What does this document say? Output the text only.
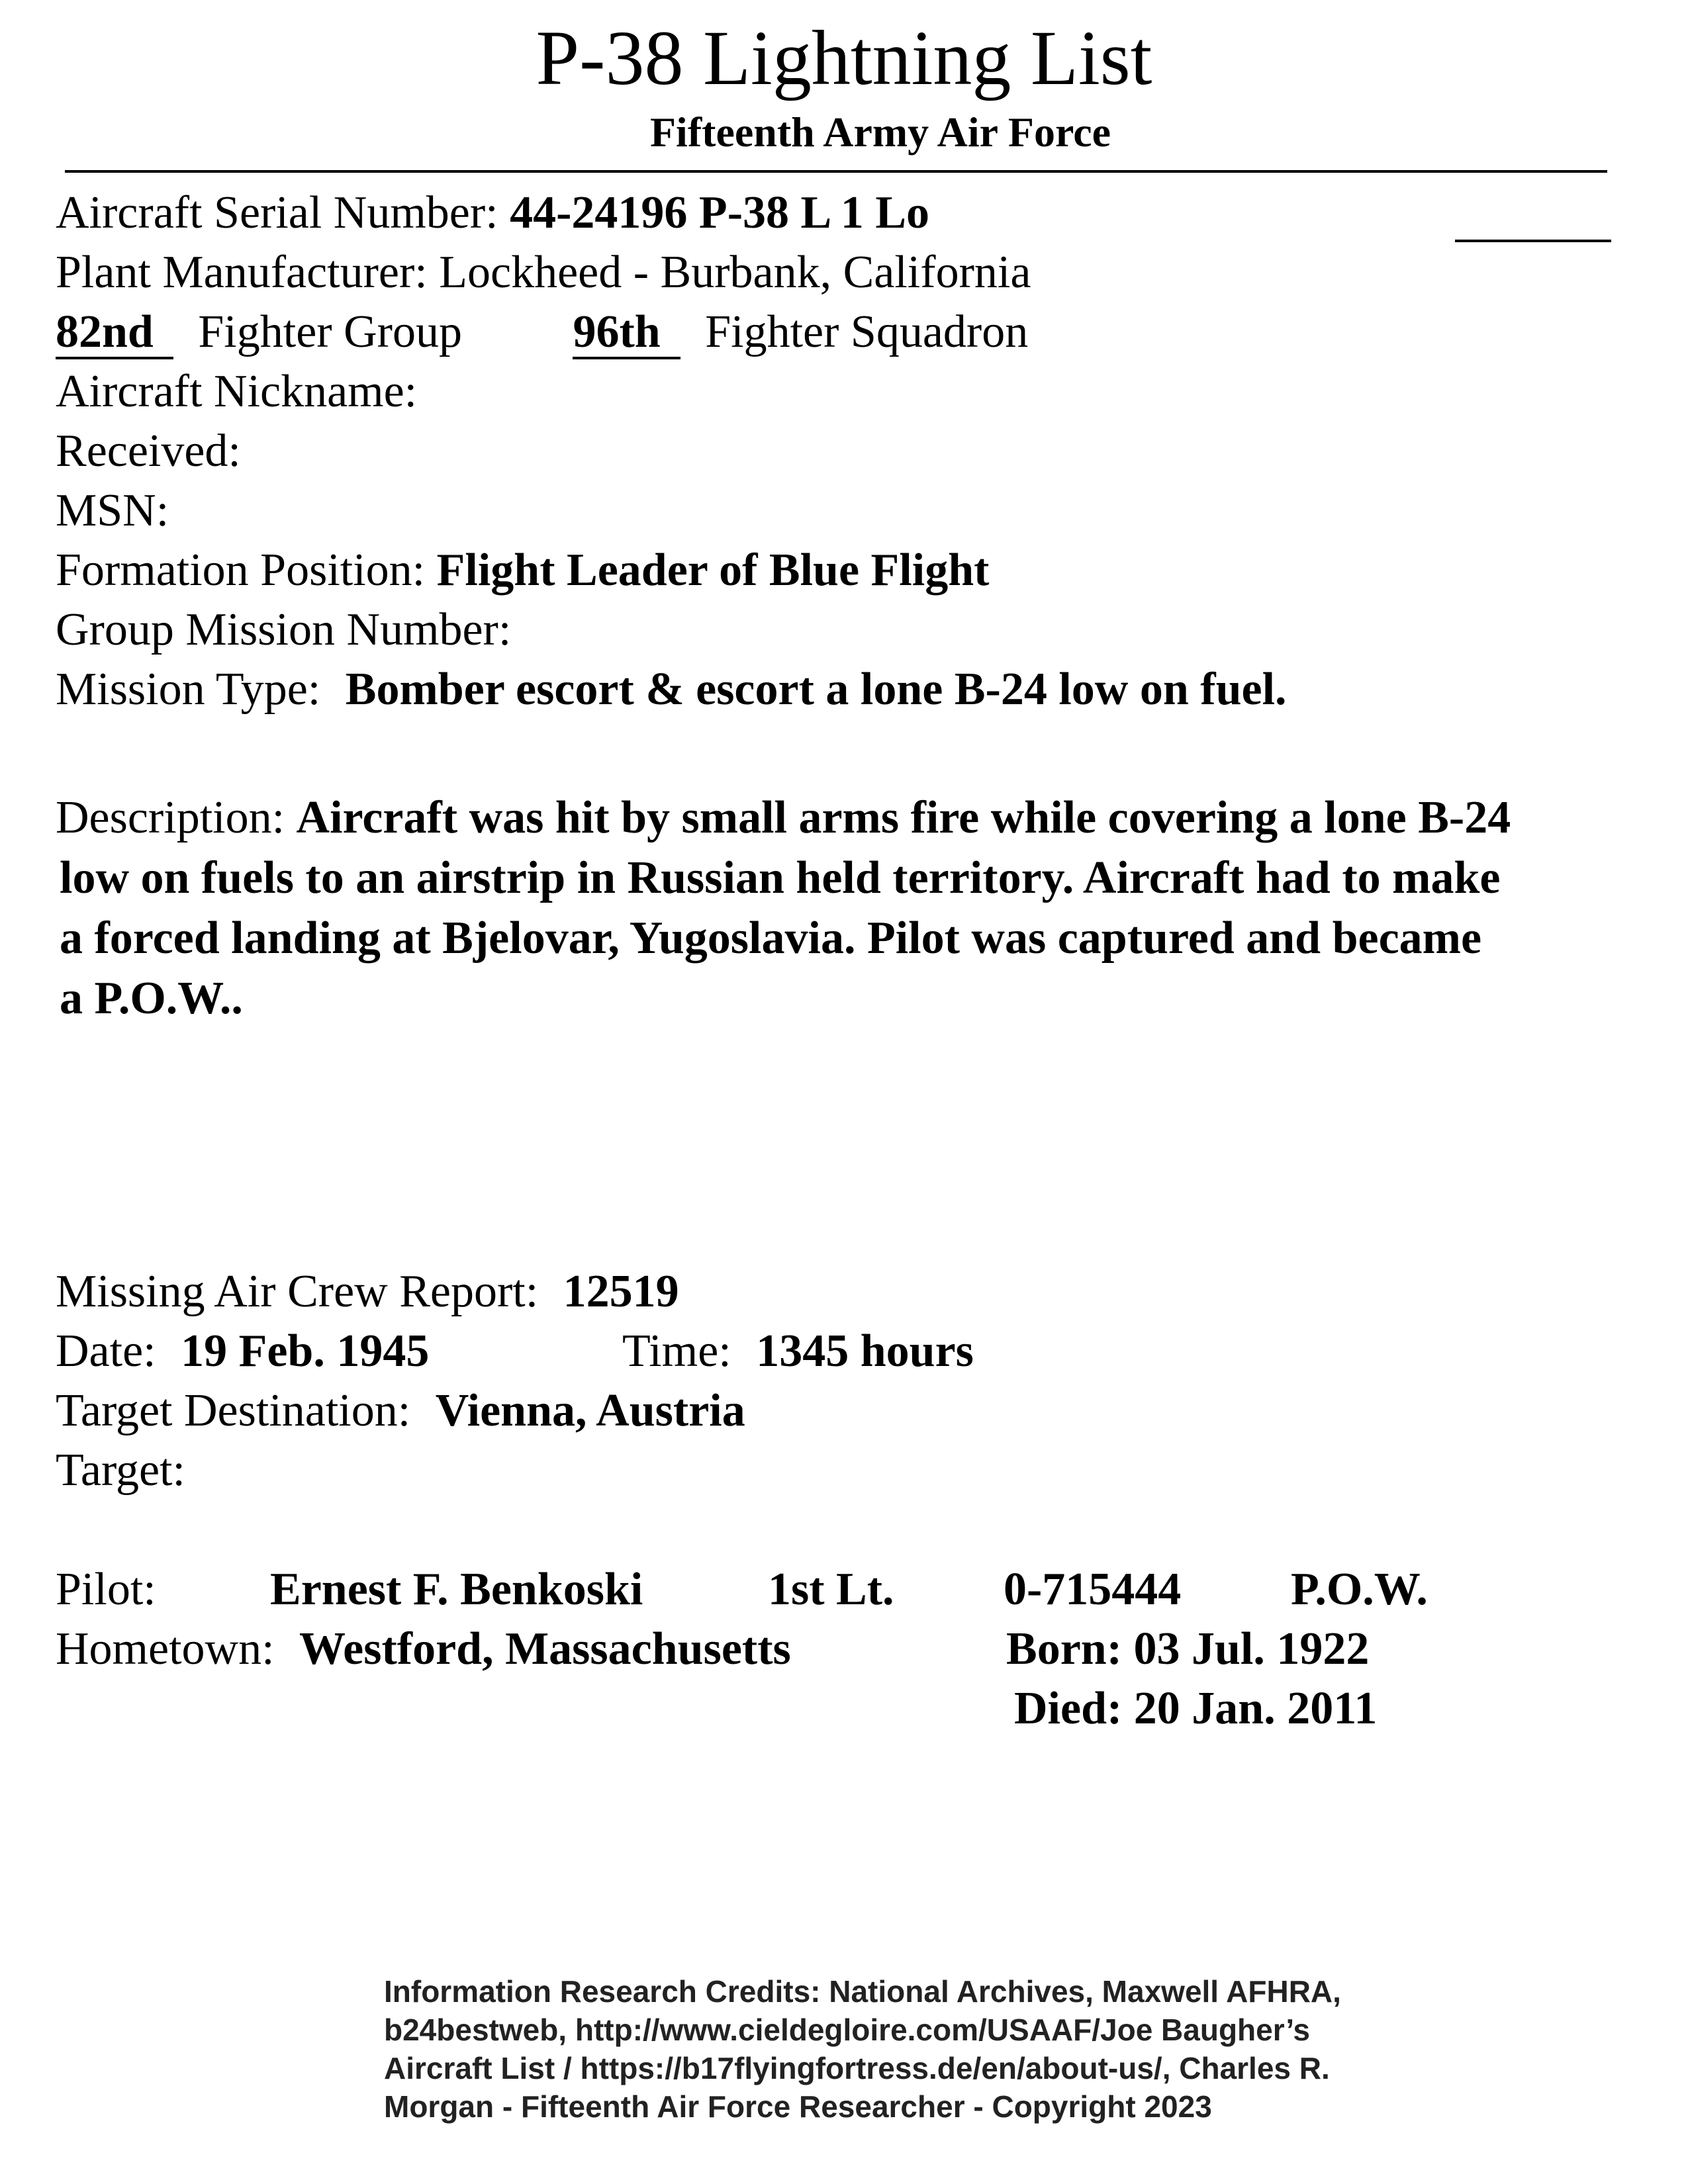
P-38 Lightning List
Fifteenth Army Air Force
Aircraft Serial Number: 44-24196 P-38 L 1 Lo
Plant Manufacturer: Lockheed - Burbank, California
82nd Fighter Group 96th Fighter Squadron
Aircraft Nickname:
Received:
MSN:
Formation Position: Flight Leader of Blue Flight
Group Mission Number:
Mission Type: Bomber escort & escort a lone B-24 low on fuel.
Description: Aircraft was hit by small arms fire while covering a lone B-24
low on fuels to an airstrip in Russian held territory. Aircraft had to make
a forced landing at Bjelovar, Yugoslavia. Pilot was captured and became
a P.O.W..
Missing Air Crew Report: 12519
Date: 19 Feb. 1945	Time: 1345 hours
Target Destination: Vienna, Austria
Target:
Pilot: Ernest F. Benkoski	1st Lt. 0-715444 P.O.W.
Hometown: Westford, Massachusetts	Born: 03 Jul. 1922
Died: 20 Jan. 2011
Information Research Credits: National Archives, Maxwell AFHRA,
b24bestweb, http://www.cieldegloire.com/USAAF/Joe Baugher’s
Aircraft List / https://b17flyingfortress.de/en/about-us/, Charles R.
Morgan - Fifteenth Air Force Researcher - Copyright 2023
